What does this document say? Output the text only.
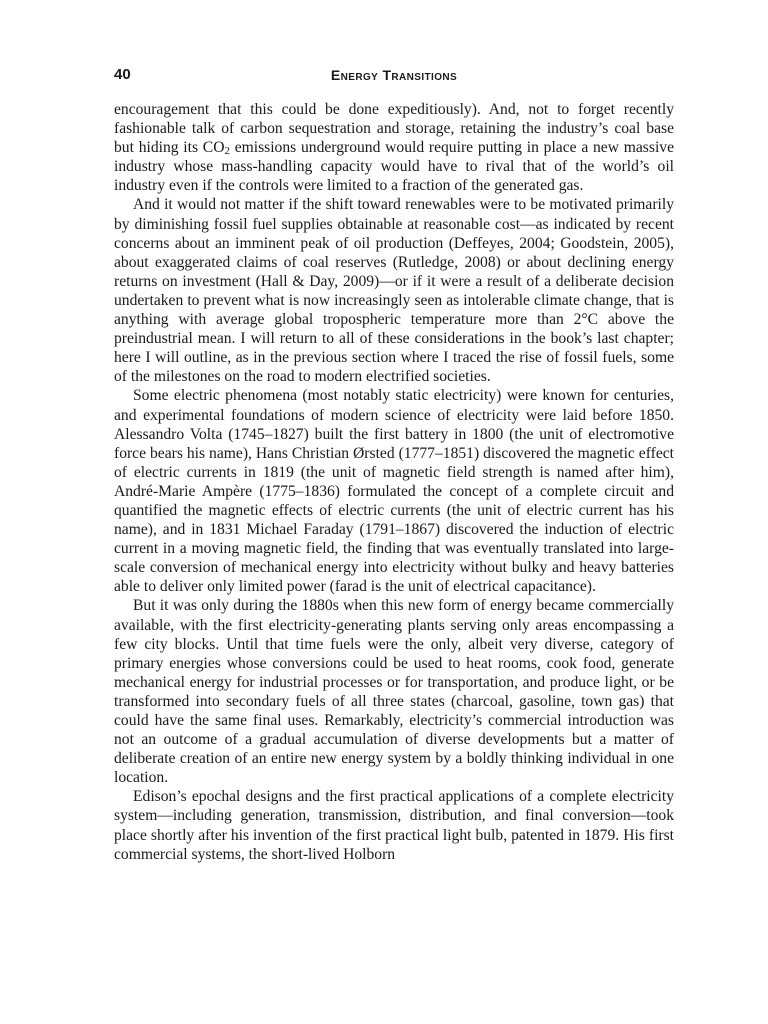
40	Energy Transitions

encouragement that this could be done expeditiously). And, not to forget recently fashionable talk of carbon sequestration and storage, retaining the industry’s coal base but hiding its $CO_2$ emissions underground would require putting in place a new massive industry whose mass-handling capacity would have to rival that of the world’s oil industry even if the controls were limited to a fraction of the generated gas.

And it would not matter if the shift toward renewables were to be motivated primarily by diminishing fossil fuel supplies obtainable at reasonable cost—as indicated by recent concerns about an imminent peak of oil production (Deffeyes, 2004; Goodstein, 2005), about exaggerated claims of coal reserves (Rutledge, 2008) or about declining energy returns on investment (Hall & Day, 2009)—or if it were a result of a deliberate decision undertaken to prevent what is now increasingly seen as intolerable climate change, that is anything with average global tropospheric temperature more than 2°C above the preindustrial mean. I will return to all of these considerations in the book’s last chapter; here I will outline, as in the previous section where I traced the rise of fossil fuels, some of the milestones on the road to modern electrified societies.

Some electric phenomena (most notably static electricity) were known for centuries, and experimental foundations of modern science of electricity were laid before 1850. Alessandro Volta (1745–1827) built the first battery in 1800 (the unit of electromotive force bears his name), Hans Christian Ørsted (1777–1851) discovered the magnetic effect of electric currents in 1819 (the unit of magnetic field strength is named after him), André-Marie Ampère (1775–1836) formulated the concept of a complete circuit and quantified the magnetic effects of electric currents (the unit of electric current has his name), and in 1831 Michael Faraday (1791–1867) discovered the induction of electric current in a moving magnetic field, the finding that was eventually translated into large-scale conversion of mechanical energy into electricity without bulky and heavy batteries able to deliver only limited power (farad is the unit of electrical capacitance).

But it was only during the 1880s when this new form of energy became commercially available, with the first electricity-generating plants serving only areas encompassing a few city blocks. Until that time fuels were the only, albeit very diverse, category of primary energies whose conversions could be used to heat rooms, cook food, generate mechanical energy for industrial processes or for transportation, and produce light, or be transformed into secondary fuels of all three states (charcoal, gasoline, town gas) that could have the same final uses. Remarkably, electricity’s commercial introduction was not an outcome of a gradual accumulation of diverse developments but a matter of deliberate creation of an entire new energy system by a boldly thinking individual in one location.

Edison’s epochal designs and the first practical applications of a complete electricity system—including generation, transmission, distribution, and final conversion—took place shortly after his invention of the first practical light bulb, patented in 1879. His first commercial systems, the short-lived Holborn
